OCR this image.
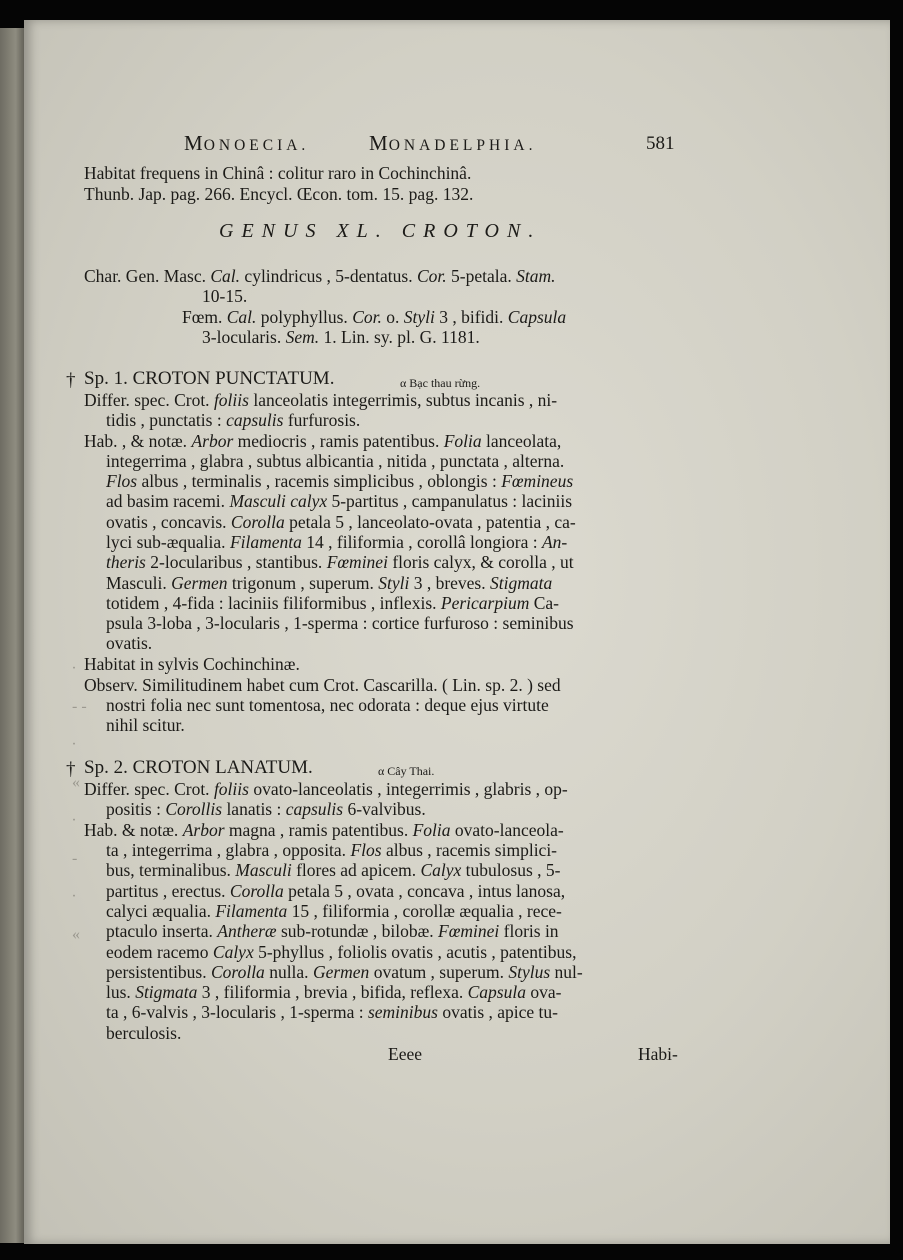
∙
- -
∙
«
∙
-
∙
«
MONOECIA.	MONADELPHIA.	581
Habitat frequens in Chinâ : colitur raro in Cochinchinâ.
Thunb. Jap. pag. 266. Encycl. Œcon. tom. 15. pag. 132.
GENUS XL. CROTON.
Char. Gen. Masc. Cal. cylindricus , 5-dentatus. Cor. 5-petala. Stam.
10-15.
Fœm. Cal. polyphyllus. Cor. o. Styli 3 , bifidi. Capsula
3-locularis. Sem. 1. Lin. sy. pl. G. 1181.
† Sp. 1. CROTON PUNCTATUM.	α Bạc thau rừng.
Differ. spec. Crot. foliis lanceolatis integerrimis, subtus incanis , ni-
tidis , punctatis : capsulis furfurosis.
Hab. , & notæ. Arbor mediocris , ramis patentibus. Folia lanceolata,
integerrima , glabra , subtus albicantia , nitida , punctata , alterna.
Flos albus , terminalis , racemis simplicibus , oblongis : Fœmineus
ad basim racemi. Masculi calyx 5-partitus , campanulatus : laciniis
ovatis , concavis. Corolla petala 5 , lanceolato-ovata , patentia , ca-
lyci sub-æqualia. Filamenta 14 , filiformia , corollâ longiora : An-
theris 2-locularibus , stantibus. Fœminei floris calyx, & corolla , ut
Masculi. Germen trigonum , superum. Styli 3 , breves. Stigmata
totidem , 4-fida : laciniis filiformibus , inflexis. Pericarpium Ca-
psula 3-loba , 3-locularis , 1-sperma : cortice furfuroso : seminibus
ovatis.
Habitat in sylvis Cochinchinæ.
Observ. Similitudinem habet cum Crot. Cascarilla. ( Lin. sp. 2. ) sed
nostri folia nec sunt tomentosa, nec odorata : deque ejus virtute
nihil scitur.
† Sp. 2. CROTON LANATUM.	α Cây Thai.
Differ. spec. Crot. foliis ovato-lanceolatis , integerrimis , glabris , op-
positis : Corollis lanatis : capsulis 6-valvibus.
Hab. & notæ. Arbor magna , ramis patentibus. Folia ovato-lanceola-
ta , integerrima , glabra , opposita. Flos albus , racemis simplici-
bus, terminalibus. Masculi flores ad apicem. Calyx tubulosus , 5-
partitus , erectus. Corolla petala 5 , ovata , concava , intus lanosa,
calyci æqualia. Filamenta 15 , filiformia , corollæ æqualia , rece-
ptaculo inserta. Antheræ sub-rotundæ , bilobæ. Fœminei floris in
eodem racemo Calyx 5-phyllus , foliolis ovatis , acutis , patentibus,
persistentibus. Corolla nulla. Germen ovatum , superum. Stylus nul-
lus. Stigmata 3 , filiformia , brevia , bifida, reflexa. Capsula ova-
ta , 6-valvis , 3-locularis , 1-sperma : seminibus ovatis , apice tu-
berculosis.
Eeee	Habi-
